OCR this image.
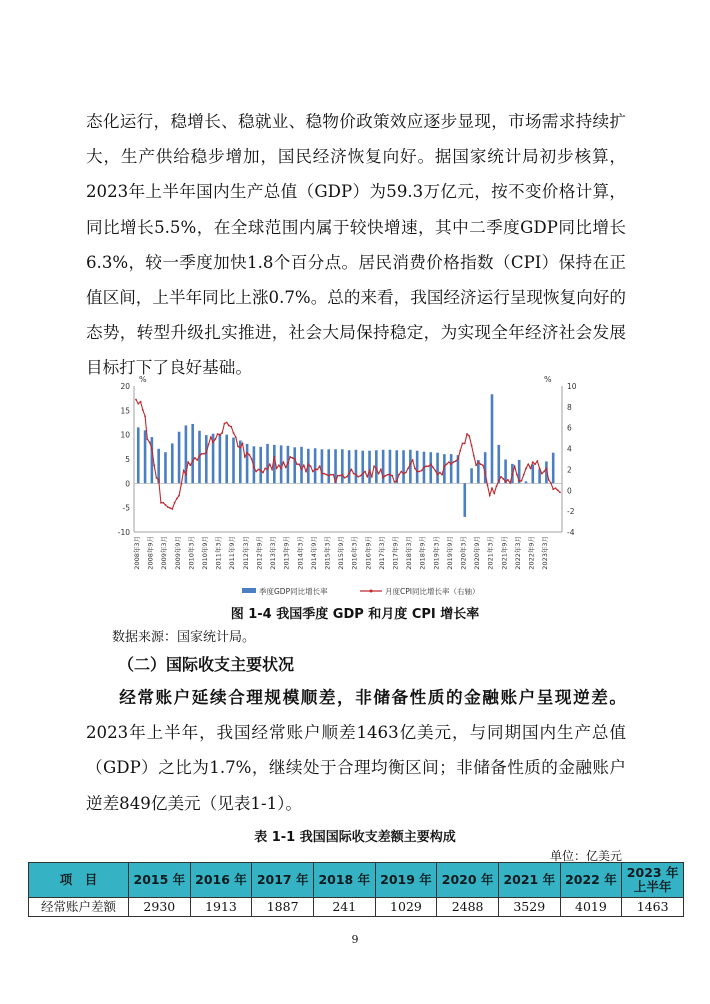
态化运行，稳增长、稳就业、稳物价政策效应逐步显现，市场需求持续扩大，生产供给稳步增加，国民经济恢复向好。据国家统计局初步核算，2023年上半年国内生产总值（GDP）为59.3万亿元，按不变价格计算，同比增长5.5%，在全球范围内属于较快增速，其中二季度GDP同比增长6.3%，较一季度加快1.8个百分点。居民消费价格指数（CPI）保持在正值区间，上半年同比上涨0.7%。总的来看，我国经济运行呈现恢复向好的态势，转型升级扎实推进，社会大局保持稳定，为实现全年经济社会发展目标打下了良好基础。

%	%
-10
-5
0
5
10
15
20
-4
-2
0
2
4
6
8
10
2008年3月 2008年9月 2009年3月 2009年9月 2010年3月 2010年9月 2011年3月 2011年9月 2012年3月 2012年9月 2013年3月 2013年9月 2014年3月 2014年9月 2015年3月 2015年9月 2016年3月 2016年9月 2017年3月 2017年9月 2018年3月 2018年9月 2019年3月 2019年9月 2020年3月 2020年9月 2021年3月 2021年9月 2022年3月 2022年9月 2023年3月
季度GDP同比增长率	月度CPI同比增长率（右轴）

图 1-4 我国季度 GDP 和月度 CPI 增长率

数据来源：国家统计局。

（二）国际收支主要状况

经常账户延续合理规模顺差，非储备性质的金融账户呈现逆差。2023年上半年，我国经常账户顺差1463亿美元，与同期国内生产总值（GDP）之比为1.7%，继续处于合理均衡区间；非储备性质的金融账户逆差849亿美元（见表1-1）。

表 1-1 我国国际收支差额主要构成

单位：亿美元

项　目	2015 年	2016 年	2017 年	2018 年	2019 年	2020 年	2021 年	2022 年	2023 年
上半年
经常账户差额	2930	1913	1887	241	1029	2488	3529	4019	1463

9
